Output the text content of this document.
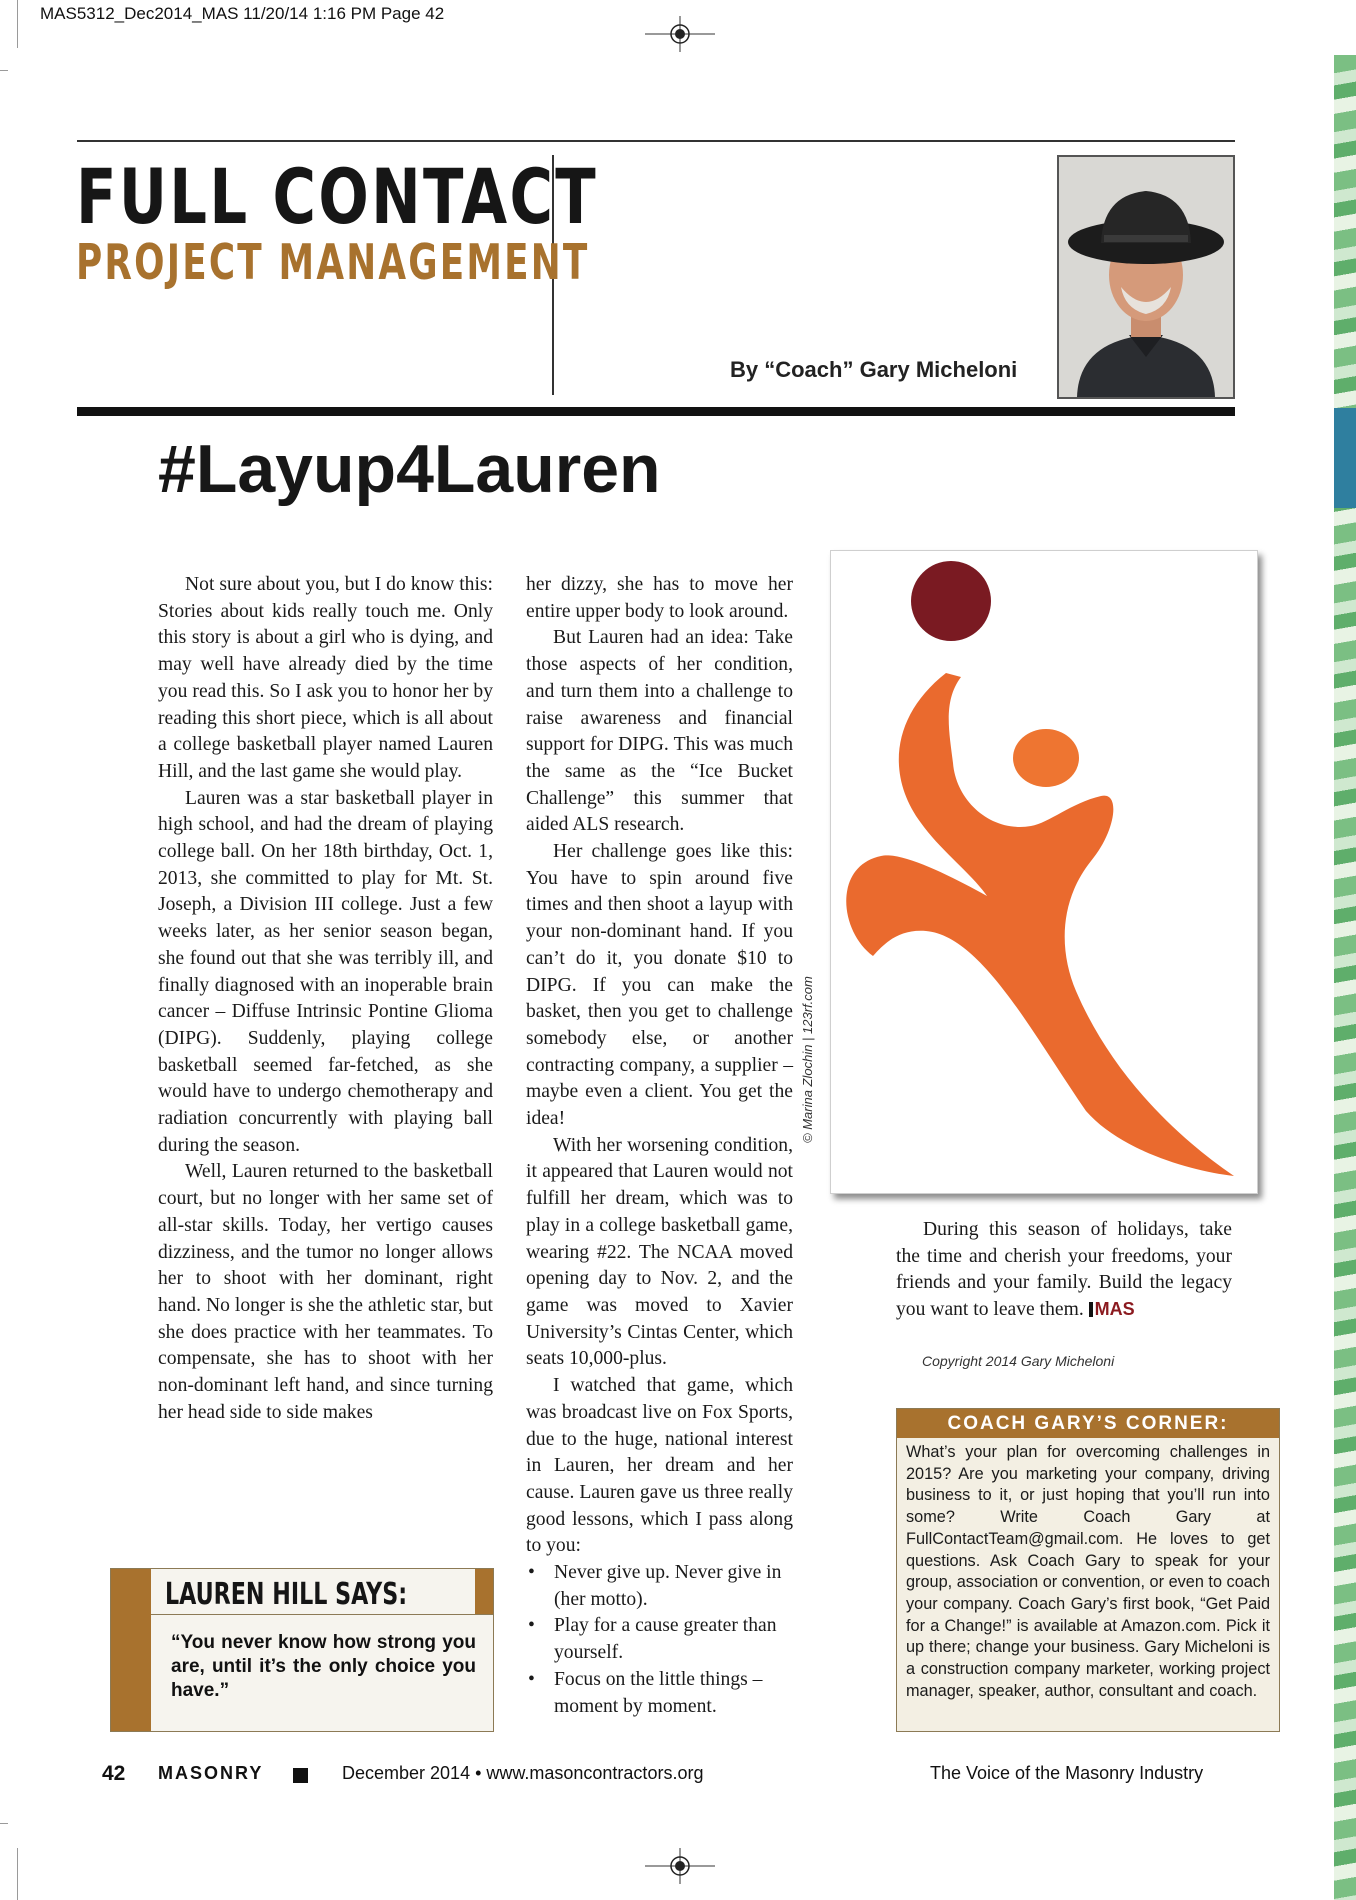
MAS5312_Dec2014_MAS 11/20/14 1:16 PM Page 42
FULL CONTACT
PROJECT MANAGEMENT
By “Coach” Gary Micheloni
#Layup4Lauren

Not sure about you, but I do know this: Stories about kids really touch me. Only this story is about a girl who is dying, and may well have already died by the time you read this. So I ask you to honor her by reading this short piece, which is all about a college basketball player named Lauren Hill, and the last game she would play.

Lauren was a star basketball player in high school, and had the dream of playing college ball. On her 18th birthday, Oct. 1, 2013, she committed to play for Mt. St. Joseph, a Division III college. Just a few weeks later, as her senior season began, she found out that she was terribly ill, and finally diagnosed with an inoperable brain cancer – Diffuse Intrinsic Pontine Glioma (DIPG). Suddenly, playing college basketball seemed far-fetched, as she would have to undergo chemotherapy and radiation concurrently with playing ball during the season.

Well, Lauren returned to the basketball court, but no longer with her same set of all-star skills. Today, her vertigo causes dizziness, and the tumor no longer allows her to shoot with her dominant, right hand. No longer is she the athletic star, but she does practice with her teammates. To compensate, she has to shoot with her non-dominant left hand, and since turning her head side to side makes

her dizzy, she has to move her entire upper body to look around.

But Lauren had an idea: Take those aspects of her condition, and turn them into a challenge to raise awareness and financial support for DIPG. This was much the same as the “Ice Bucket Challenge” this summer that aided ALS research.

Her challenge goes like this: You have to spin around five times and then shoot a layup with your non-dominant hand. If you can’t do it, you donate $10 to DIPG. If you can make the basket, then you get to challenge somebody else, or another contracting company, a supplier – maybe even a client. You get the idea!

With her worsening condition, it appeared that Lauren would not fulfill her dream, which was to play in a college basketball game, wearing #22. The NCAA moved opening day to Nov. 2, and the game was moved to Xavier University’s Cintas Center, which seats 10,000-plus.

I watched that game, which was broadcast live on Fox Sports, due to the huge, national interest in Lauren, her dream and her cause. Lauren gave us three really good lessons, which I pass along to you:

• Never give up. Never give in (her motto).
• Play for a cause greater than yourself.
• Focus on the little things – moment by moment.
© Marina Zlochin | 123rf.com

During this season of holidays, take the time and cherish your freedoms, your friends and your family. Build the legacy you want to leave them. MAS

Copyright 2014 Gary Micheloni
COACH GARY’S CORNER:
What’s your plan for overcoming challenges in 2015? Are you marketing your company, driving business to it, or just hoping that you’ll run into some? Write Coach Gary at FullContactTeam@gmail.com. He loves to get questions. Ask Coach Gary to speak for your group, association or convention, or even to coach your company. Coach Gary’s first book, “Get Paid for a Change!” is available at Amazon.com. Pick it up there; change your business. Gary Micheloni is a construction company marketer, working project manager, speaker, author, consultant and coach.
LAUREN HILL SAYS:
“You never know how strong you are, until it’s the only choice you have.”
42 MASONRY	December 2014 • www.masoncontractors.org	The Voice of the Masonry Industry
